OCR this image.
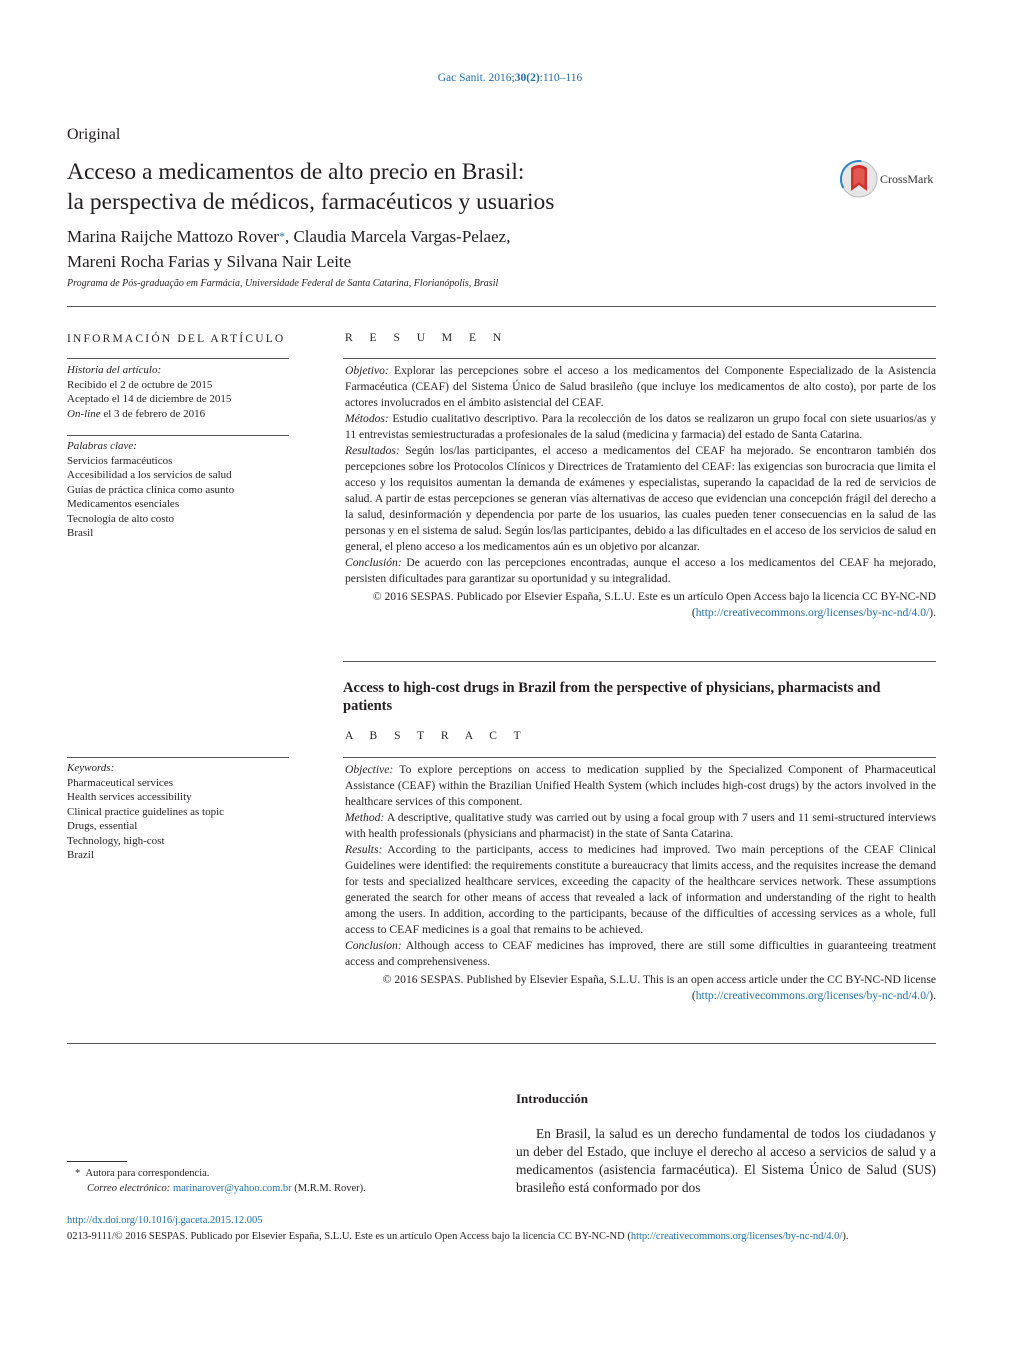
Gac Sanit. 2016;30(2):110–116
Original
Acceso a medicamentos de alto precio en Brasil:
la perspectiva de médicos, farmacéuticos y usuarios
CrossMark
Marina Raijche Mattozo Rover*, Claudia Marcela Vargas-Pelaez,
Mareni Rocha Farias y Silvana Nair Leite
Programa de Pós-graduação em Farmácia, Universidade Federal de Santa Catarina, Florianópolis, Brasil
INFORMACIÓN DEL ARTÍCULO
Historia del artículo:
Recibido el 2 de octubre de 2015
Aceptado el 14 de diciembre de 2015
On-line el 3 de febrero de 2016
Palabras clave:
Servicios farmacéuticos
Accesibilidad a los servicios de salud
Guías de práctica clínica como asunto
Medicamentos esenciales
Tecnología de alto costo
Brasil
Keywords:
Pharmaceutical services
Health services accessibility
Clinical practice guidelines as topic
Drugs, essential
Technology, high-cost
Brazil
R E S U M E N

Objetivo: Explorar las percepciones sobre el acceso a los medicamentos del Componente Especializado de la Asistencia Farmacéutica (CEAF) del Sistema Único de Salud brasileño (que incluye los medicamentos de alto costo), por parte de los actores involucrados en el ámbito asistencial del CEAF.

Métodos: Estudio cualitativo descriptivo. Para la recolección de los datos se realizaron un grupo focal con siete usuarios/as y 11 entrevistas semiestructuradas a profesionales de la salud (medicina y farmacia) del estado de Santa Catarina.

Resultados: Según los/las participantes, el acceso a medicamentos del CEAF ha mejorado. Se encontraron también dos percepciones sobre los Protocolos Clínicos y Directrices de Tratamiento del CEAF: las exigencias son burocracia que limita el acceso y los requisitos aumentan la demanda de exámenes y especialistas, superando la capacidad de la red de servicios de salud. A partir de estas percepciones se generan vías alternativas de acceso que evidencian una concepción frágil del derecho a la salud, desinformación y dependencia por parte de los usuarios, las cuales pueden tener consecuencias en la salud de las personas y en el sistema de salud. Según los/las participantes, debido a las dificultades en el acceso de los servicios de salud en general, el pleno acceso a los medicamentos aún es un objetivo por alcanzar.

Conclusión: De acuerdo con las percepciones encontradas, aunque el acceso a los medicamentos del CEAF ha mejorado, persisten dificultades para garantizar su oportunidad y su integralidad.

© 2016 SESPAS. Publicado por Elsevier España, S.L.U. Este es un artículo Open Access bajo la licencia CC BY-NC-ND (http://creativecommons.org/licenses/by-nc-nd/4.0/).

Access to high-cost drugs in Brazil from the perspective of physicians, pharmacists and patients
A B S T R A C T

Objective: To explore perceptions on access to medication supplied by the Specialized Component of Pharmaceutical Assistance (CEAF) within the Brazilian Unified Health System (which includes high-cost drugs) by the actors involved in the healthcare services of this component.

Method: A descriptive, qualitative study was carried out by using a focal group with 7 users and 11 semi-structured interviews with health professionals (physicians and pharmacist) in the state of Santa Catarina.

Results: According to the participants, access to medicines had improved. Two main perceptions of the CEAF Clinical Guidelines were identified: the requirements constitute a bureaucracy that limits access, and the requisites increase the demand for tests and specialized healthcare services, exceeding the capacity of the healthcare services network. These assumptions generated the search for other means of access that revealed a lack of information and understanding of the right to health among the users. In addition, according to the participants, because of the difficulties of accessing services as a whole, full access to CEAF medicines is a goal that remains to be achieved.

Conclusion: Although access to CEAF medicines has improved, there are still some difficulties in guaranteeing treatment access and comprehensiveness.

© 2016 SESPAS. Published by Elsevier España, S.L.U. This is an open access article under the CC BY-NC-ND license (http://creativecommons.org/licenses/by-nc-nd/4.0/).

Introducción

En Brasil, la salud es un derecho fundamental de todos los ciudadanos y un deber del Estado, que incluye el derecho al acceso a servicios de salud y a medicamentos (asistencia farmacéutica). El Sistema Único de Salud (SUS) brasileño está conformado por dos

* Autora para correspondencia.
Correo electrónico: marinarover@yahoo.com.br (M.R.M. Rover).
http://dx.doi.org/10.1016/j.gaceta.2015.12.005
0213-9111/© 2016 SESPAS. Publicado por Elsevier España, S.L.U. Este es un artículo Open Access bajo la licencia CC BY-NC-ND (http://creativecommons.org/licenses/by-nc-nd/4.0/).
